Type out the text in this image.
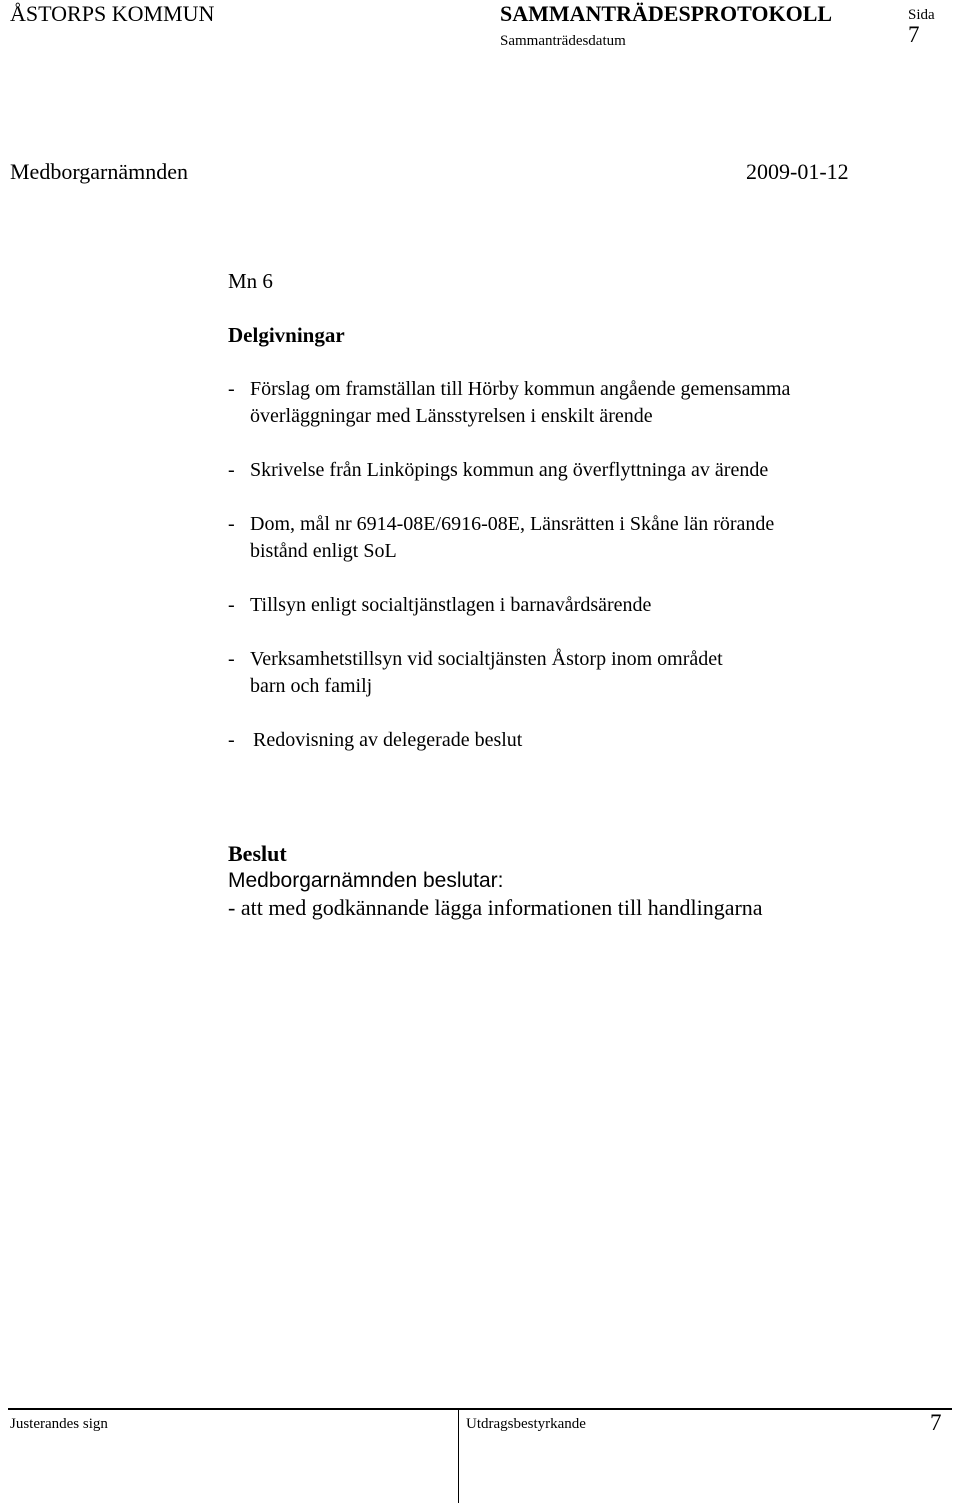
ÅSTORPS KOMMUN	SAMMANTRÄDESPROTOKOLL
Sammanträdesdatum
Sida
7
Medborgarnämnden	2009-01-12
Mn 6
Delgivningar
- Förslag om framställan till Hörby kommun angående gemensamma
överläggningar med Länsstyrelsen i enskilt ärende
- Skrivelse från Linköpings kommun ang överflyttninga av ärende
- Dom, mål nr 6914-08E/6916-08E, Länsrätten i Skåne län rörande
bistånd enligt SoL
- Tillsyn enligt socialtjänstlagen i barnavårdsärende
- Verksamhetstillsyn vid socialtjänsten Åstorp inom området
barn och familj
- Redovisning av delegerade beslut
Beslut
Medborgarnämnden beslutar:
- att med godkännande lägga informationen till handlingarna
Justerandes sign	Utdragsbestyrkande	7
